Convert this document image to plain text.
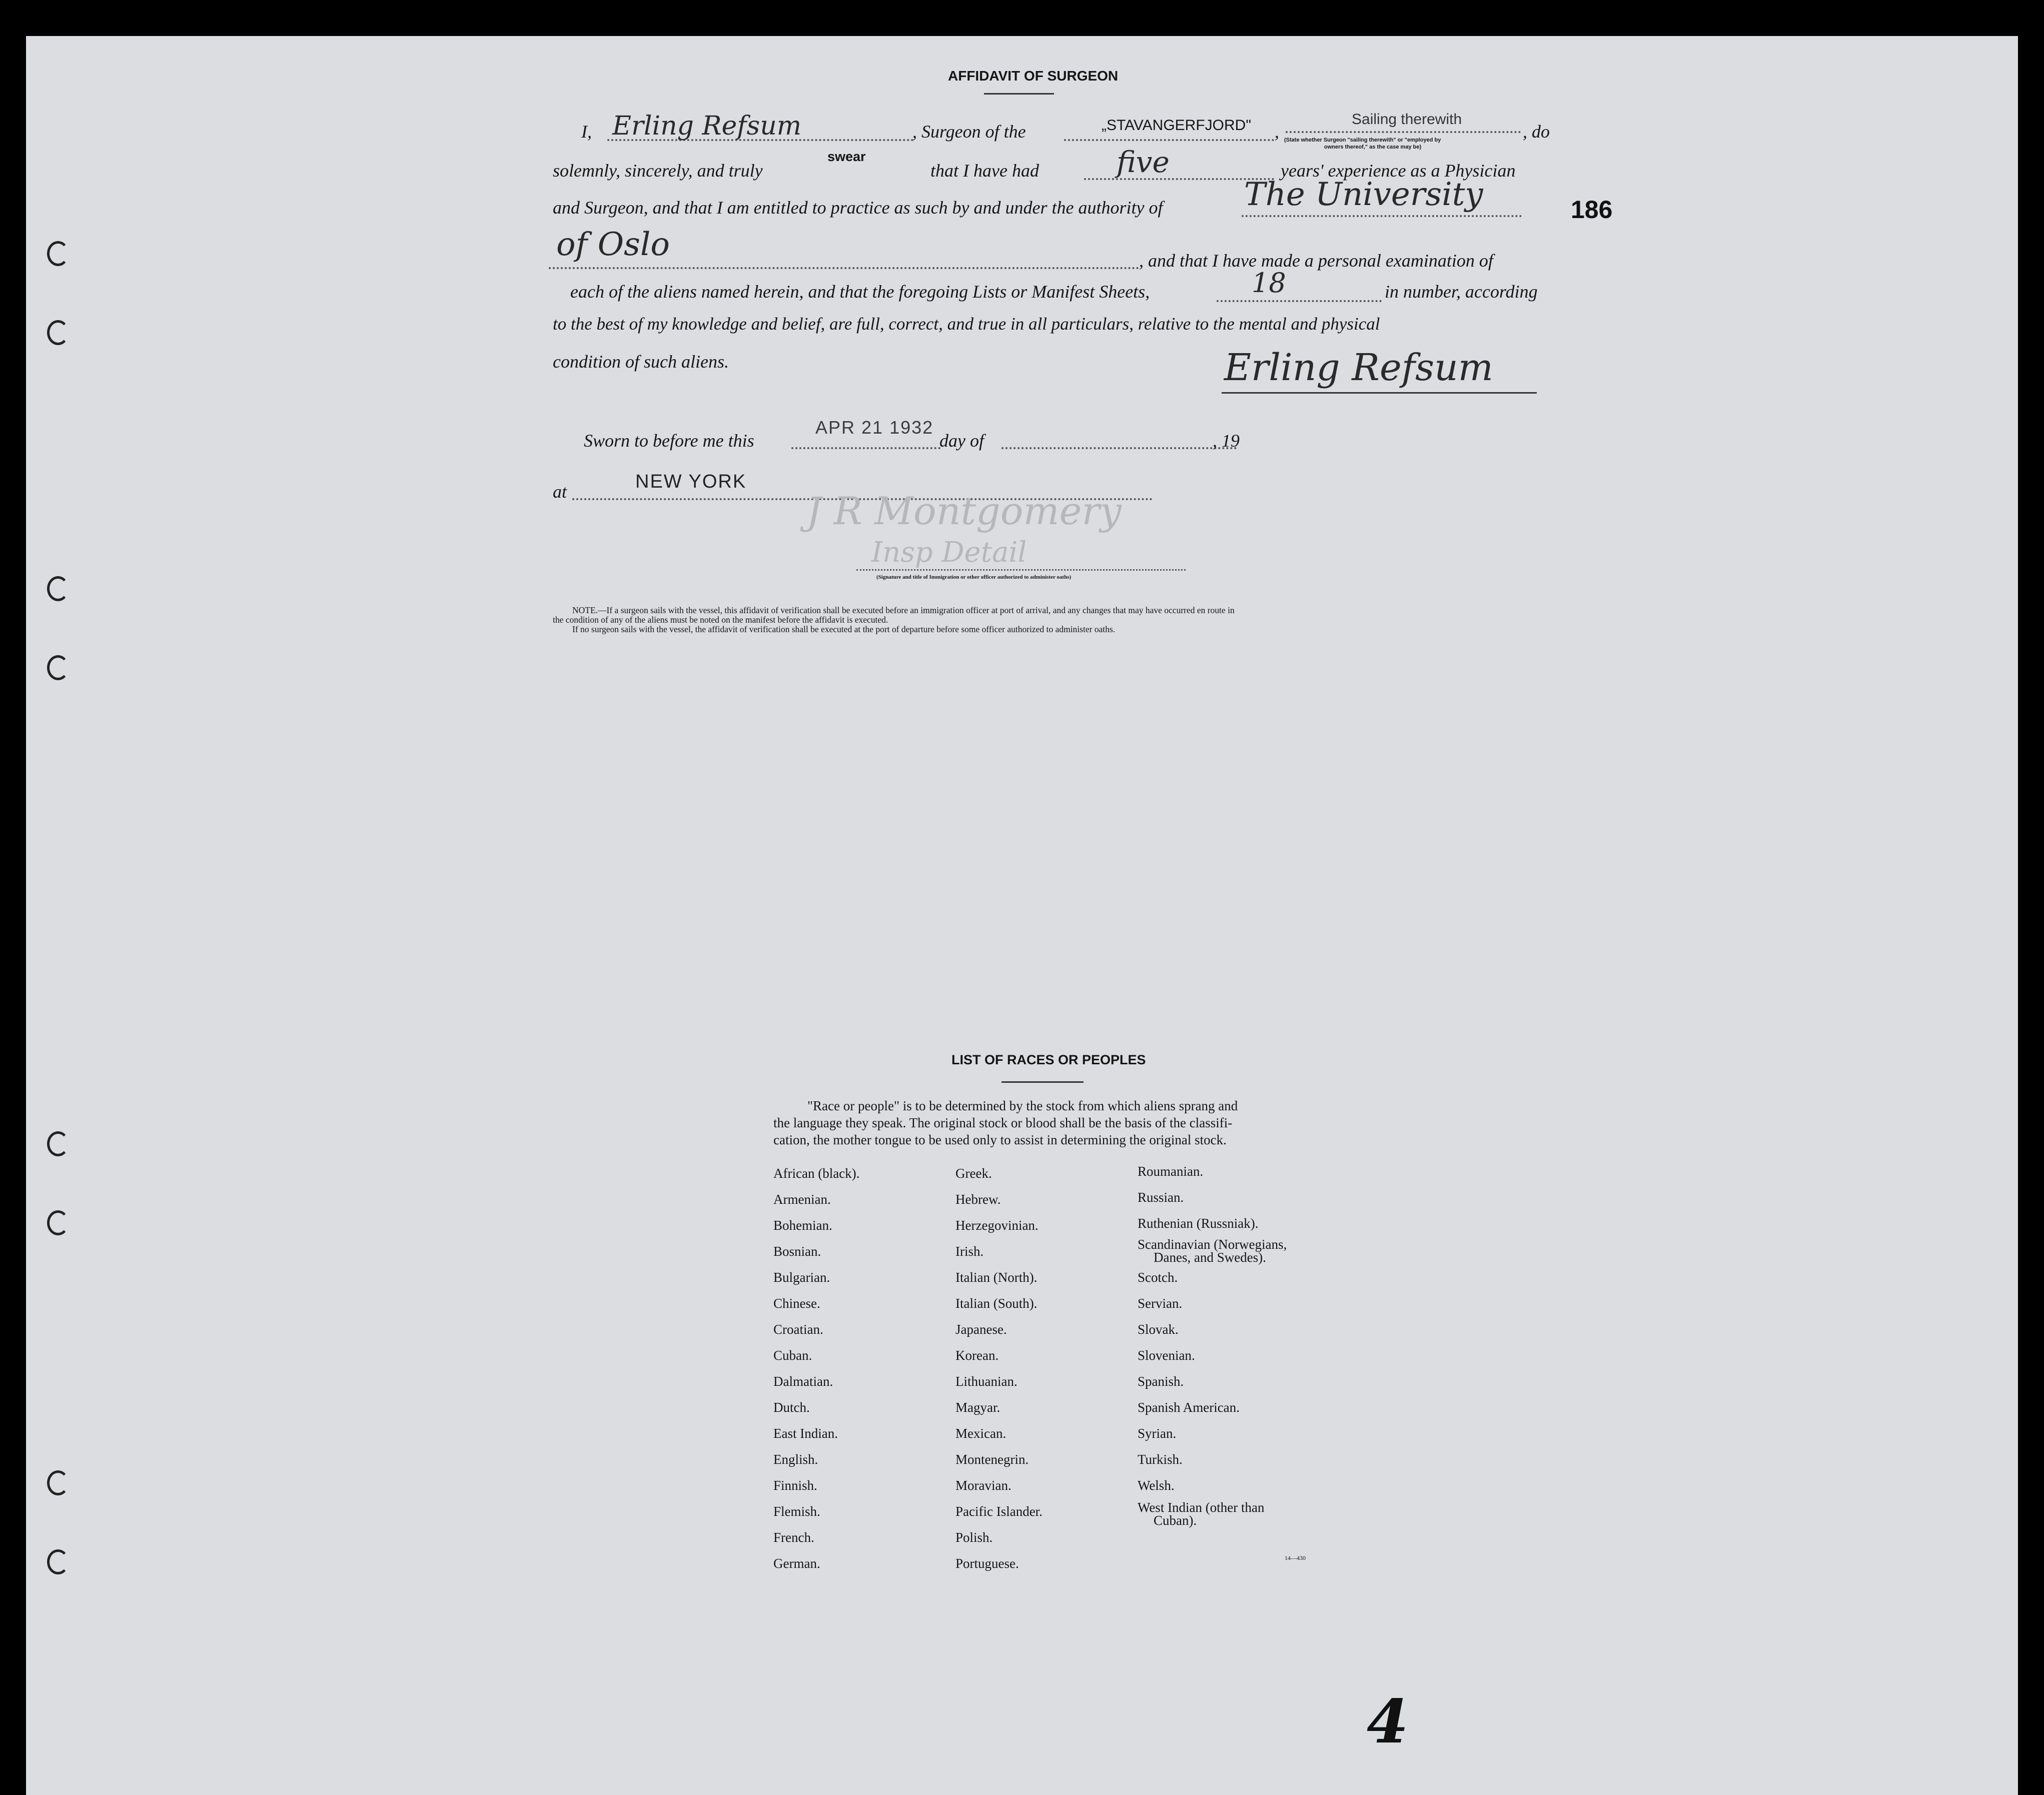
AFFIDAVIT OF SURGEON
I, Erling Refsum	, Surgeon of the	„STAVANGERFJORD" ,
Sailing therewith
(State whether Surgeon "sailing therewith" or "employed by
owners thereof," as the case may be)
, do
solemnly, sincerely, and truly
swear
that I have had	five	years' experience as a Physician
and Surgeon, and that I am entitled to practice as such by and under the authority of	The University
of Oslo	, and that I have made a personal examination of
each of the aliens named herein, and that the foregoing Lists or Manifest Sheets,	18	in number, according
to the best of my knowledge and belief, are full, correct, and true in all particulars, relative to the mental and physical
condition of such aliens.	Erling Refsum
Sworn to before me this
APR 21 1932
day of	, 19
at	NEW YORK
J R Montgomery
Insp Detail
(Signature and title of Immigration or other officer authorized to administer oaths)
NOTE.—If a surgeon sails with the vessel, this affidavit of verification shall be executed before an immigration officer at port of arrival, and any changes that may have occurred en route in
the condition of any of the aliens must be noted on the manifest before the affidavit is executed.
If no surgeon sails with the vessel, the affidavit of verification shall be executed at the port of departure before some officer authorized to administer oaths.
186
LIST OF RACES OR PEOPLES
"Race or people" is to be determined by the stock from which aliens sprang and
the language they speak. The original stock or blood shall be the basis of the classifi-
cation, the mother tongue to be used only to assist in determining the original stock.
African (black).
Armenian.
Bohemian.
Bosnian.
Bulgarian.
Chinese.
Croatian.
Cuban.
Dalmatian.
Dutch.
East Indian.
English.
Finnish.
Flemish.
French.
German.
Greek.
Hebrew.
Herzegovinian.
Irish.
Italian (North).
Italian (South).
Japanese.
Korean.
Lithuanian.
Magyar.
Mexican.
Montenegrin.
Moravian.
Pacific Islander.
Polish.
Portuguese.
Roumanian.
Russian.
Ruthenian (Russniak).
Scandinavian (Norwegians,
Danes, and Swedes).
Scotch.
Servian.
Slovak.
Slovenian.
Spanish.
Spanish American.
Syrian.
Turkish.
Welsh.
West Indian (other than
Cuban).
14—430
4
